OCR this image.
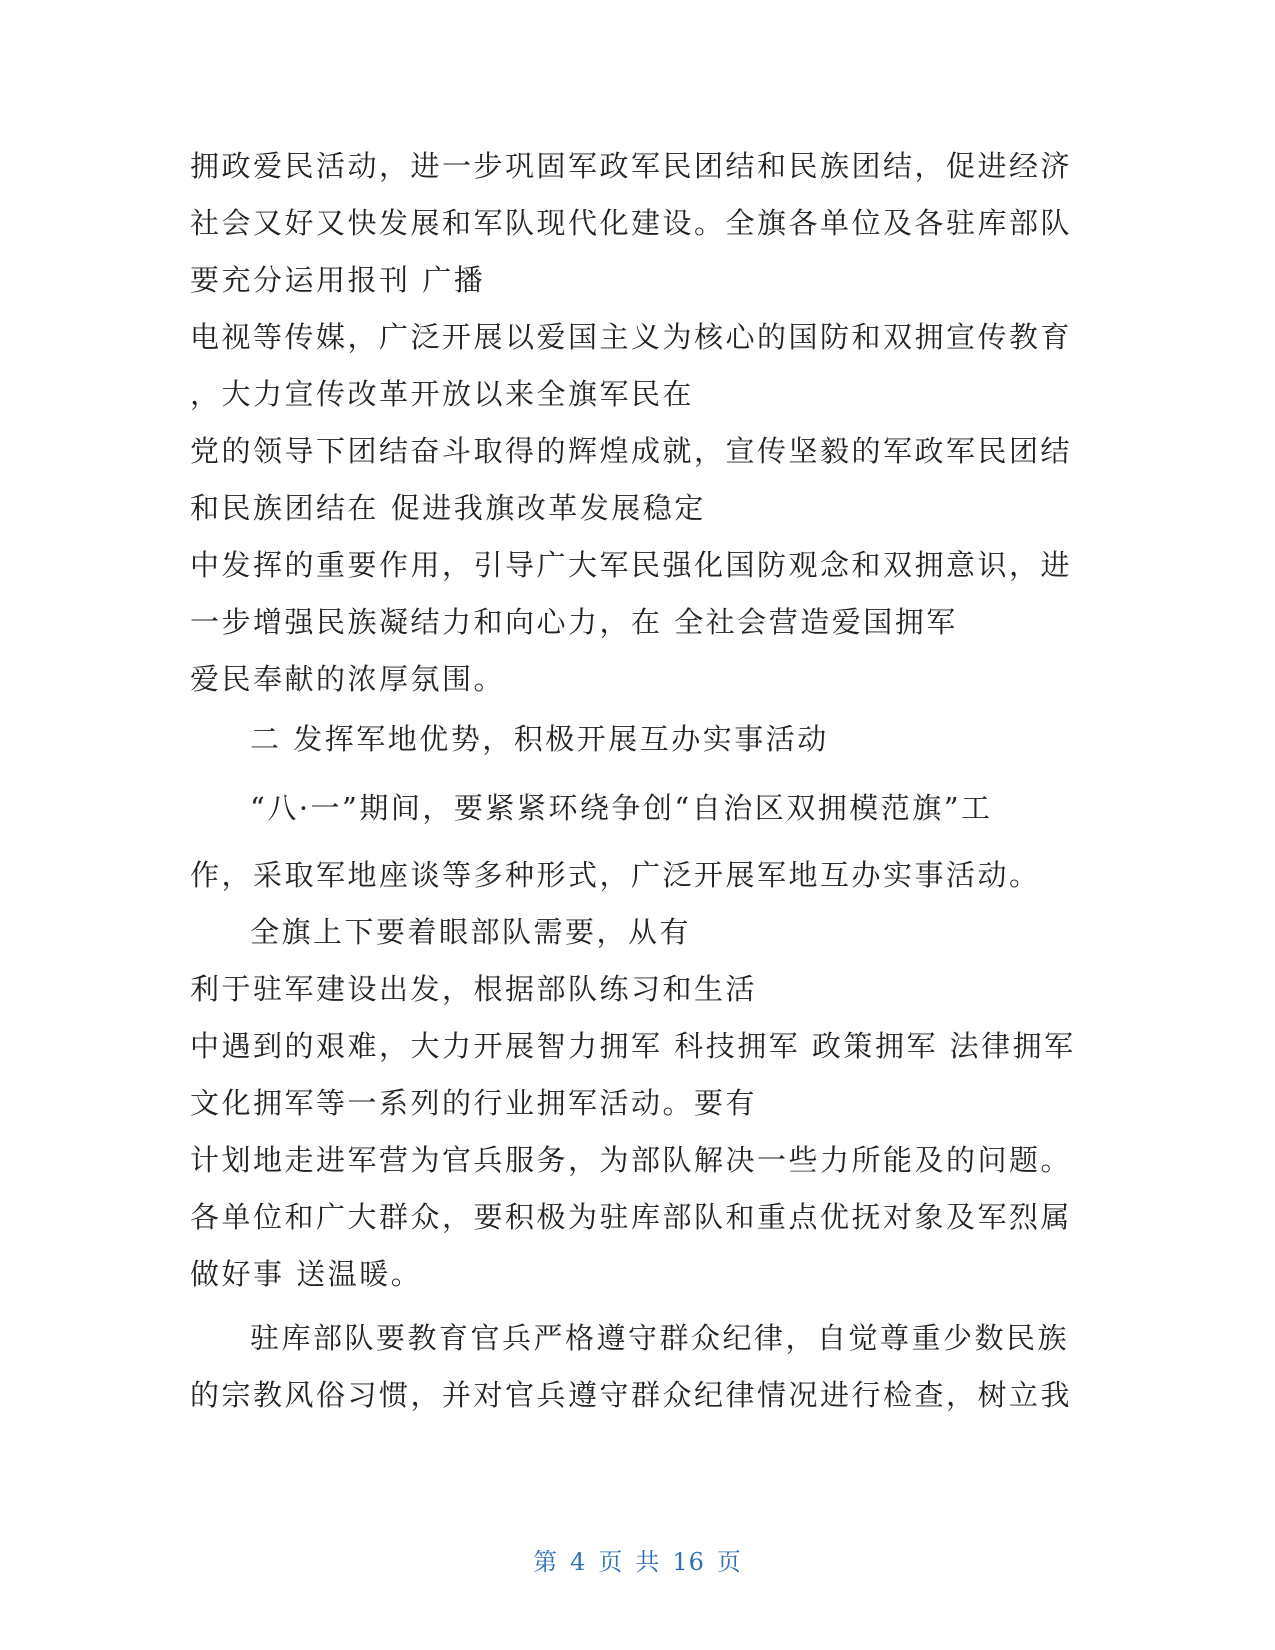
拥政爱民活动，进一步巩固军政军民团结和民族团结，促进经济
社会又好又快发展和军队现代化建设。全旗各单位及各驻库部队
要充分运用报刊 广播
电视等传媒，广泛开展以爱国主义为核心的国防和双拥宣传教育
，大力宣传改革开放以来全旗军民在
党的领导下团结奋斗取得的辉煌成就，宣传坚毅的军政军民团结
和民族团结在 促进我旗改革发展稳定
中发挥的重要作用，引导广大军民强化国防观念和双拥意识，进
一步增强民族凝结力和向心力，在 全社会营造爱国拥军
爱民奉献的浓厚氛围。
二 发挥军地优势，积极开展互办实事活动
“八·一”期间，要紧紧环绕争创“自治区双拥模范旗”工
作，采取军地座谈等多种形式，广泛开展军地互办实事活动。
全旗上下要着眼部队需要，从有
利于驻军建设出发，根据部队练习和生活
中遇到的艰难，大力开展智力拥军 科技拥军 政策拥军 法律拥军
文化拥军等一系列的行业拥军活动。要有
计划地走进军营为官兵服务，为部队解决一些力所能及的问题。
各单位和广大群众，要积极为驻库部队和重点优抚对象及军烈属
做好事 送温暖。
驻库部队要教育官兵严格遵守群众纪律，自觉尊重少数民族
的宗教风俗习惯，并对官兵遵守群众纪律情况进行检查，树立我
第 4 页 共 16 页
